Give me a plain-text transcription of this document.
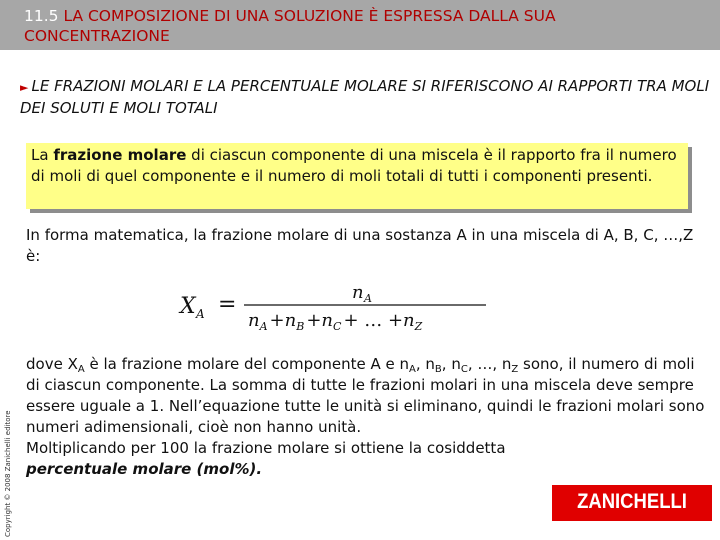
11.5 LA COMPOSIZIONE DI UNA SOLUZIONE È ESPRESSA DALLA SUA CONCENTRAZIONE
► LE FRAZIONI MOLARI E LA PERCENTUALE MOLARE SI RIFERISCONO AI RAPPORTI TRA MOLI DEI SOLUTI E MOLI TOTALI
La frazione molare di ciascun componente di una miscela è il rapporto fra il numero di moli di quel componente e il numero di moli totali di tutti i componenti presenti.
In forma matematica, la frazione molare di una sostanza A in una miscela di A, B, C, …,Z è:
X A =	n A
n A + n B + n C + … + n Z
dove $X_A$ è la frazione molare del componente A e $n_A$, $n_B$, $n_C$, …, $n_Z$ sono, il numero di moli di ciascun componente. La somma di tutte le frazioni molari in una miscela deve sempre essere uguale a 1. Nell’equazione tutte le unità si eliminano, quindi le frazioni molari sono numeri adimensionali, cioè non hanno unità.
Moltiplicando per 100 la frazione molare si ottiene la cosiddetta
percentuale molare (mol%).
Copyright © 2008 Zanichelli editore	ZANICHELLI
